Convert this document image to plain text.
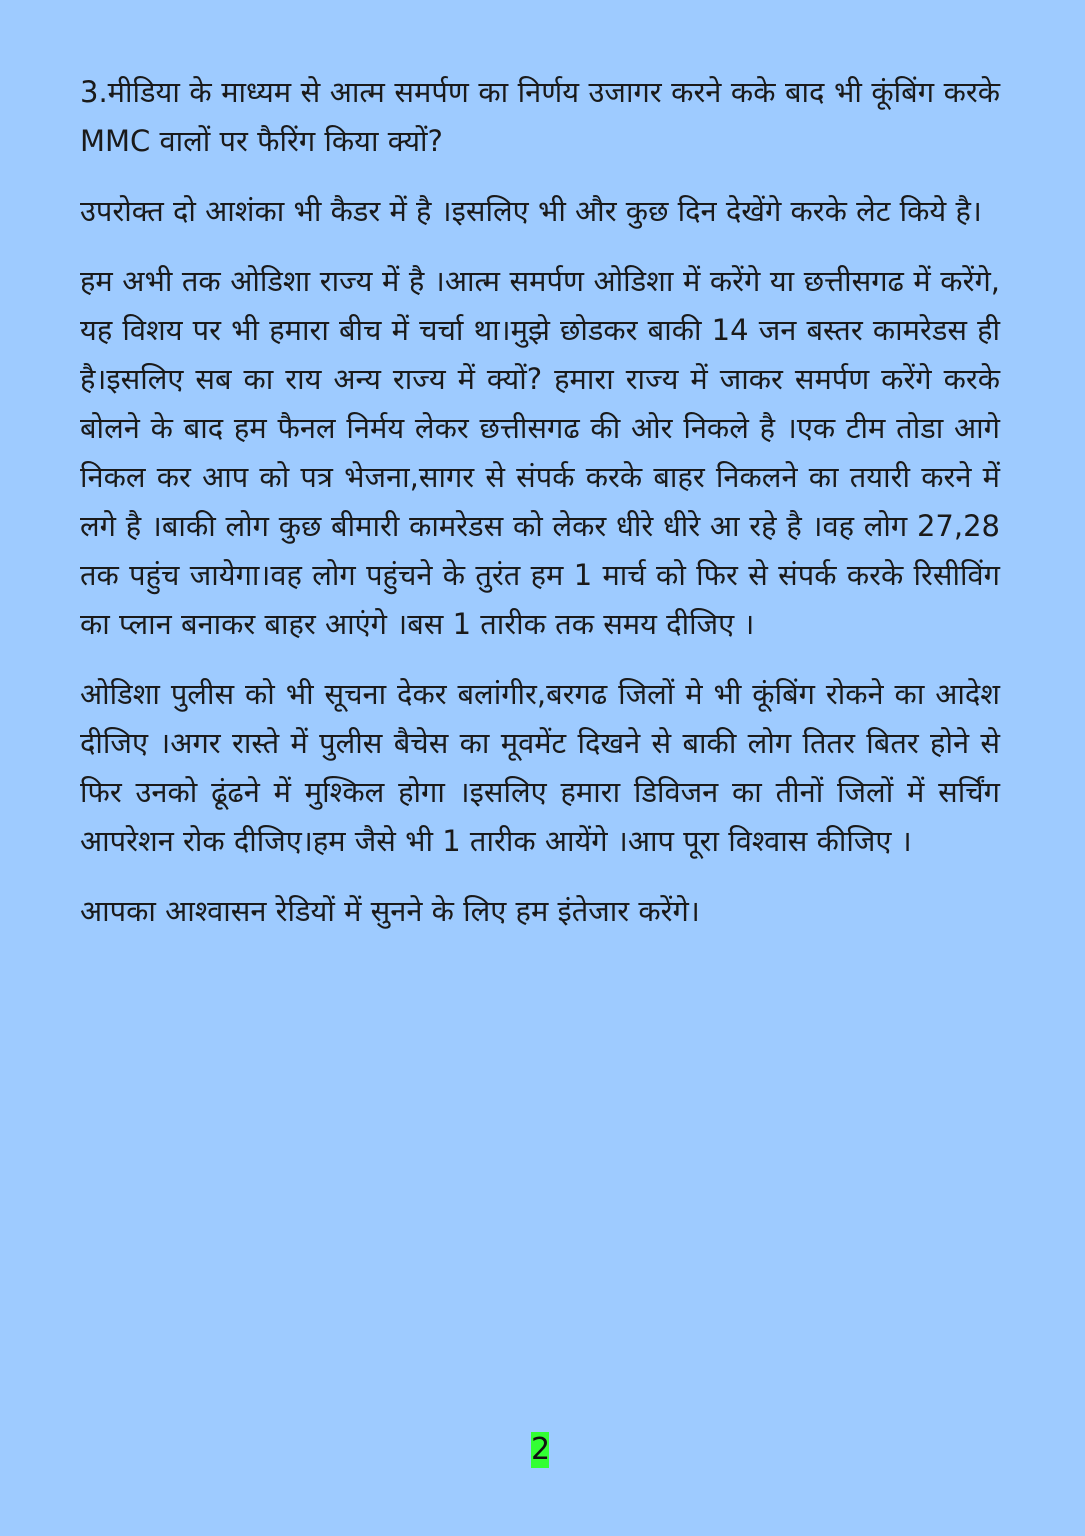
3.मीडिया के माध्यम से आत्म समर्पण का निर्णय उजागर करने कके बाद भी कूंबिंग करके MMC वालों पर फैरिंग किया क्यों?

उपरोक्त दो आशंका भी कैडर में है ।इसलिए भी और कुछ दिन देखेंगे करके लेट किये है।

हम अभी तक ओडिशा राज्य में है ।आत्म समर्पण ओडिशा में करेंगे या छत्तीसगढ में करेंगे, यह विशय पर भी हमारा बीच में चर्चा था।मुझे छोडकर बाकी 14 जन बस्तर कामरेडस ही है।इसलिए सब का राय अन्य राज्य में क्यों? हमारा राज्य में जाकर समर्पण करेंगे करके बोलने के बाद हम फैनल निर्मय लेकर छत्तीसगढ की ओर निकले है ।एक टीम तोडा आगे निकल कर आप को पत्र भेजना,सागर से संपर्क करके बाहर निकलने का तयारी करने में लगे है ।बाकी लोग कुछ बीमारी कामरेडस को लेकर धीरे धीरे आ रहे है ।वह लोग 27,28 तक पहुंच जायेगा।वह लोग पहुंचने के तुरंत हम 1 मार्च को फिर से संपर्क करके रिसीविंग का प्लान बनाकर बाहर आएंगे ।बस 1 तारीक तक समय दीजिए ।

ओडिशा पुलीस को भी सूचना देकर बलांगीर,बरगढ जिलों मे भी कूंबिंग रोकने का आदेश दीजिए ।अगर रास्ते में पुलीस बैचेस का मूवमेंट दिखने से बाकी लोग तितर बितर होने से फिर उनको ढूंढने में मुश्किल होगा ।इसलिए हमारा डिविजन का तीनों जिलों में सर्चिंग आपरेशन रोक दीजिए।हम जैसे भी 1 तारीक आयेंगे ।आप पूरा विश्वास कीजिए ।

आपका आश्वासन रेडियों में सुनने के लिए हम इंतेजार करेंगे।

2
